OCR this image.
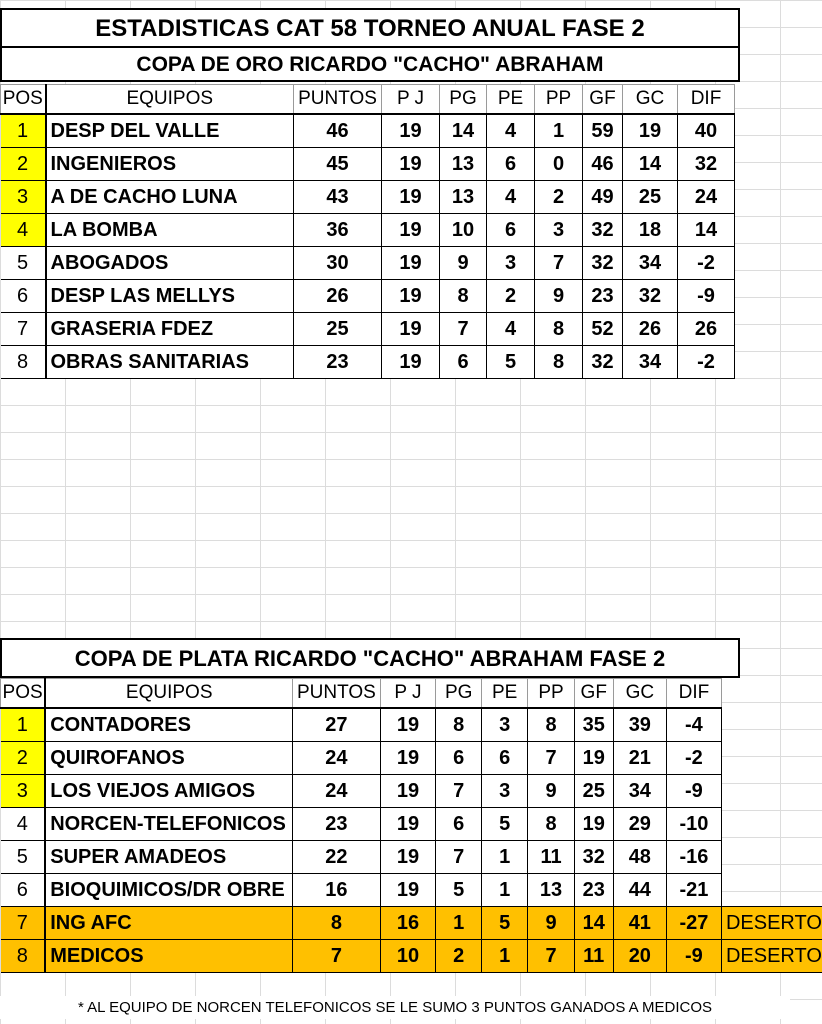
ESTADISTICAS CAT 58 TORNEO ANUAL FASE 2
COPA DE ORO RICARDO "CACHO" ABRAHAM
POS	EQUIPOS	PUNTOS	P J	PG	PE	PP	GF	GC	DIF
1	DESP DEL VALLE	46	19	14	4	1	59	19	40
2	INGENIEROS	45	19	13	6	0	46	14	32
3	A DE CACHO LUNA	43	19	13	4	2	49	25	24
4	LA BOMBA	36	19	10	6	3	32	18	14
5	ABOGADOS	30	19	9	3	7	32	34	-2
6	DESP LAS MELLYS	26	19	8	2	9	23	32	-9
7	GRASERIA FDEZ	25	19	7	4	8	52	26	26
8	OBRAS SANITARIAS	23	19	6	5	8	32	34	-2
COPA DE PLATA RICARDO "CACHO" ABRAHAM FASE 2
POS	EQUIPOS	PUNTOS	P J	PG	PE	PP	GF	GC	DIF	
1	CONTADORES	27	19	8	3	8	35	39	-4	
2	QUIROFANOS	24	19	6	6	7	19	21	-2	
3	LOS VIEJOS AMIGOS	24	19	7	3	9	25	34	-9	
4	NORCEN-TELEFONICOS	23	19	6	5	8	19	29	-10	
5	SUPER AMADEOS	22	19	7	1	11	32	48	-16	
6	BIOQUIMICOS/DR OBRE	16	19	5	1	13	23	44	-21	
7	ING AFC	8	16	1	5	9	14	41	-27	DESERTO
8	MEDICOS	7	10	2	1	7	11	20	-9	DESERTO
* AL EQUIPO DE NORCEN TELEFONICOS SE LE SUMO 3 PUNTOS GANADOS A MEDICOS
